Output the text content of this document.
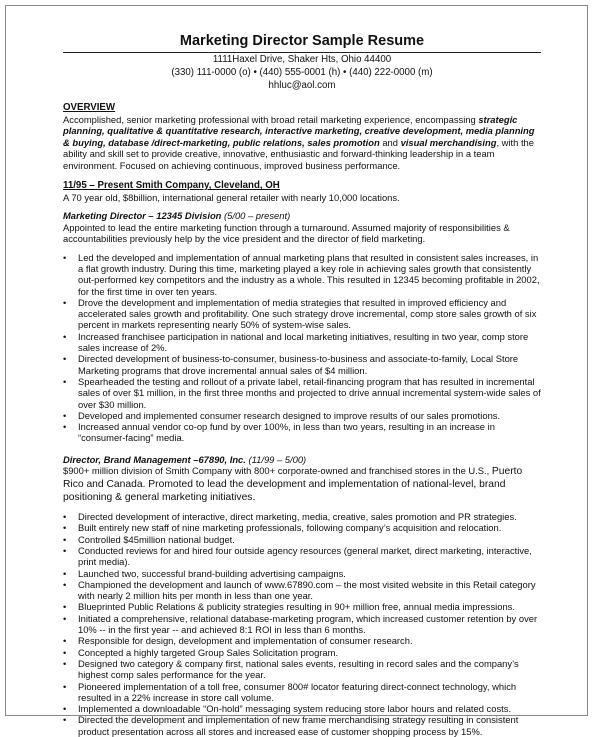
Marketing Director Sample Resume
1111Haxel Drive, Shaker Hts, Ohio 44400
(330) 111-0000 (o) • (440) 555-0001 (h) • (440) 222-0000 (m)
hhluc@aol.com
OVERVIEW

Accomplished, senior marketing professional with broad retail marketing experience, encompassing strategic planning, qualitative & quantitative research, interactive marketing, creative development, media planning & buying, database /direct-marketing, public relations, sales promotion and visual merchandising, with the ability and skill set to provide creative, innovative, enthusiastic and forward-thinking leadership in a team environment. Focused on achieving continuous, improved business performance.

11/95 – Present Smith Company, Cleveland, OH

A 70 year old, $8billion, international general retailer with nearly 10,000 locations.

Marketing Director – 12345 Division (5/00 – present)

Appointed to lead the entire marketing function through a turnaround. Assumed majority of responsibilities & accountabilities previously help by the vice president and the director of field marketing.

• Led the developed and implementation of annual marketing plans that resulted in consistent sales increases, in a flat growth industry. During this time, marketing played a key role in achieving sales growth that consistently out-performed key competitors and the industry as a whole. This resulted in 12345 becoming profitable in 2002, for the first time in over ten years.
• Drove the development and implementation of media strategies that resulted in improved efficiency and accelerated sales growth and profitability. One such strategy drove incremental, comp store sales growth of six percent in markets representing nearly 50% of system-wise sales.
• Increased franchisee participation in national and local marketing initiatives, resulting in two year, comp store sales increase of 2%.
• Directed development of business-to-consumer, business-to-business and associate-to-family, Local Store Marketing programs that drove incremental annual sales of $4 million.
• Spearheaded the testing and rollout of a private label, retail-financing program that has resulted in incremental sales of over $1 million, in the first three months and projected to drive annual incremental system-wide sales of over $30 million.
• Developed and implemented consumer research designed to improve results of our sales promotions.
• Increased annual vendor co-op fund by over 100%, in less than two years, resulting in an increase in “consumer-facing” media.
Director, Brand Management –67890, Inc. (11/99 – 5/00)

$900+ million division of Smith Company with 800+ corporate-owned and franchised stores in the U.S., Puerto Rico and Canada. Promoted to lead the development and implementation of national-level, brand positioning & general marketing initiatives.

• Directed development of interactive, direct marketing, media, creative, sales promotion and PR strategies.
• Built entirely new staff of nine marketing professionals, following company’s acquisition and relocation.
• Controlled $45million national budget.
• Conducted reviews for and hired four outside agency resources (general market, direct marketing, interactive, print media).
• Launched two, successful brand-building advertising campaigns.
• Championed the development and launch of www.67890.com – the most visited website in this Retail category with nearly 2 million hits per month in less than one year.
• Blueprinted Public Relations & publicity strategies resulting in 90+ million free, annual media impressions.
• Initiated a comprehensive, relational database-marketing program, which increased customer retention by over 10% -- in the first year -- and achieved 8:1 ROI in less than 6 months.
• Responsible for design, development and implementation of consumer research.
• Concepted a highly targeted Group Sales Solicitation program.
• Designed two category & company first, national sales events, resulting in record sales and the company’s highest comp sales performance for the year.
• Pioneered implementation of a toll free, consumer 800# locator featuring direct-connect technology, which resulted in a 22% increase in store call volume.
• Implemented a downloadable “On-hold” messaging system reducing store labor hours and related costs.
• Directed the development and implementation of new frame merchandising strategy resulting in consistent product presentation across all stores and increased ease of customer shopping process by 15%.
